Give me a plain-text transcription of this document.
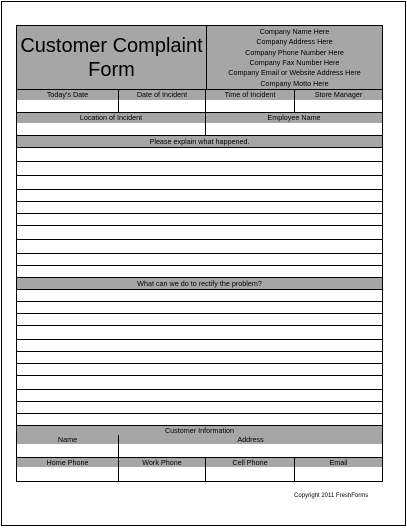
Customer Complaint Form
Company Name Here
Company Address Here
Company Phone Number Here
Company Fax Number Here
Company Email or Website Address Here
Company Motto Here
Today's Date	Date of Incident	Time of Incident	Store Manager
Location of Incident	Employee Name
Please explain what happened.
What can we do to rectify the problem?
Customer Information
Name	Address
Home Phone	Work Phone	Cell Phone	Email
Copyright 2011 FreshForms
